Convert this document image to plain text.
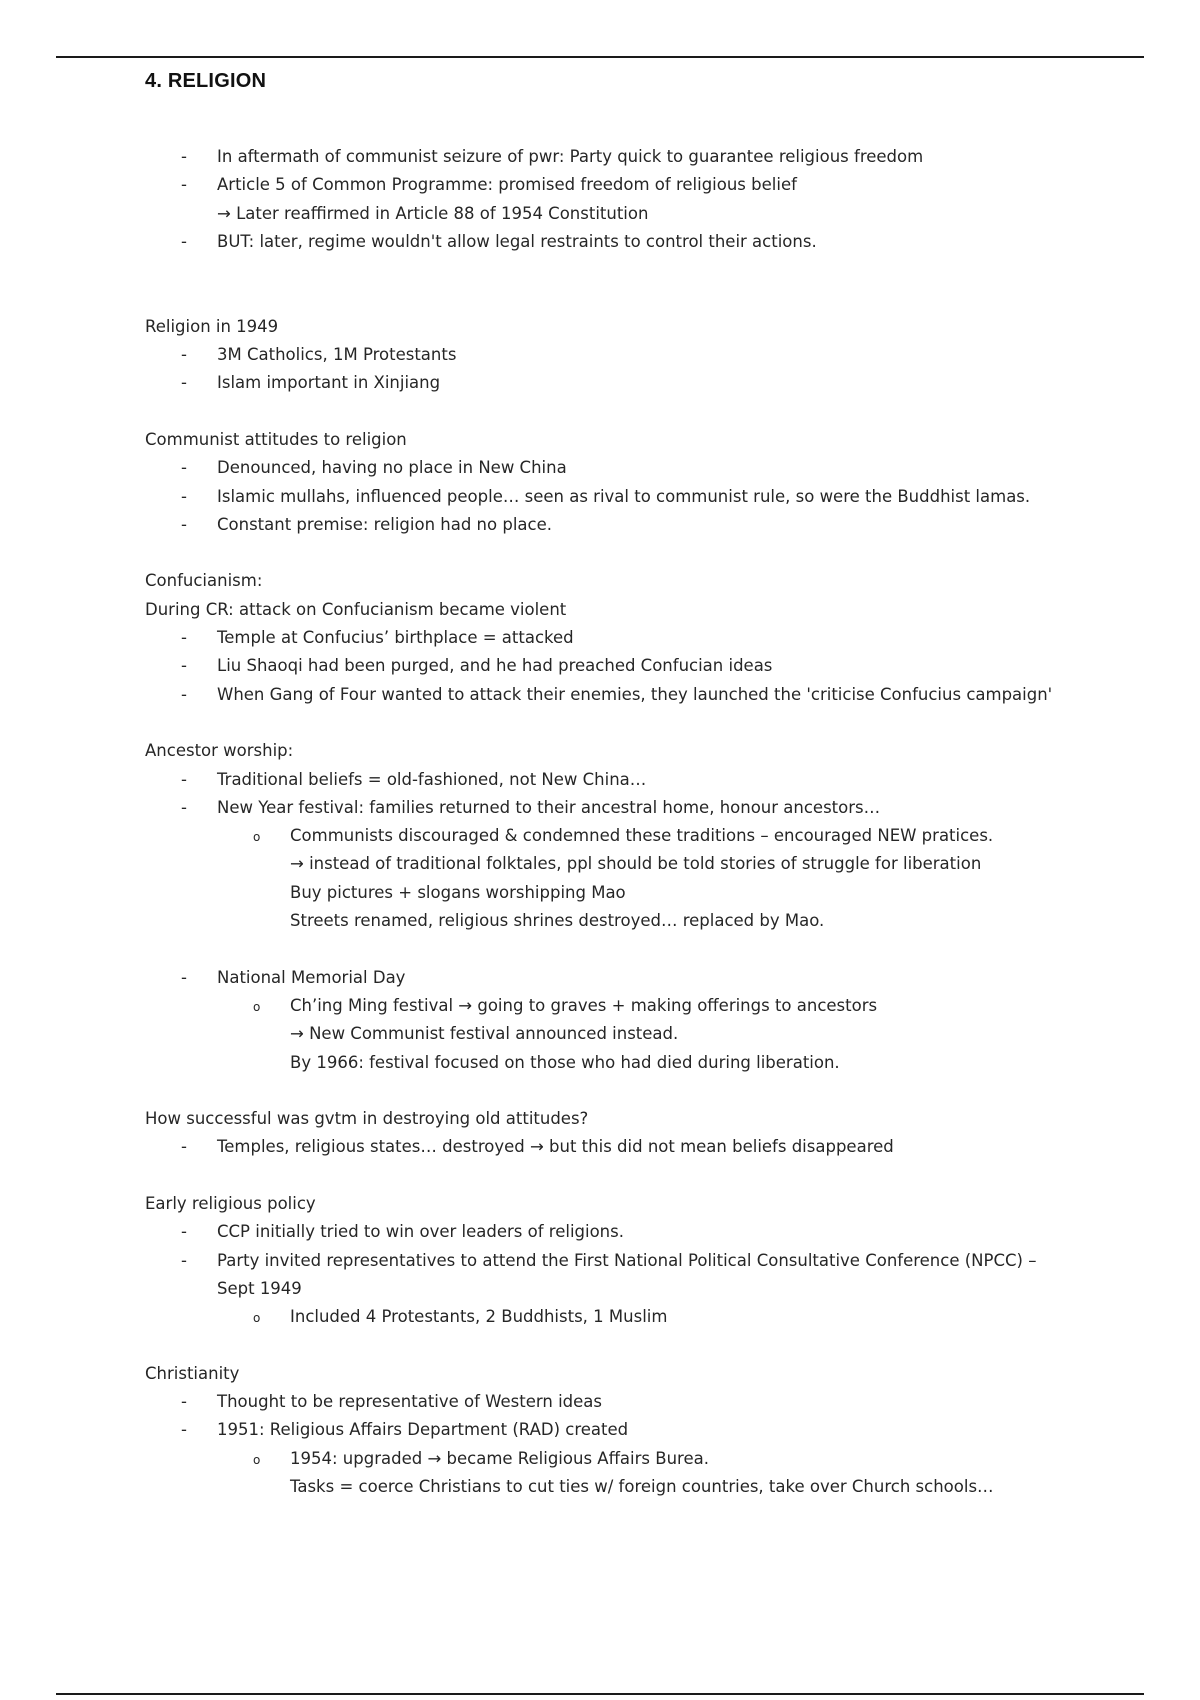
4. RELIGION
- In aftermath of communist seizure of pwr: Party quick to guarantee religious freedom
- Article 5 of Common Programme: promised freedom of religious belief
→ Later reaffirmed in Article 88 of 1954 Constitution
- BUT: later, regime wouldn't allow legal restraints to control their actions.
Religion in 1949
- 3M Catholics, 1M Protestants
- Islam important in Xinjiang
Communist attitudes to religion
- Denounced, having no place in New China
- Islamic mullahs, influenced people… seen as rival to communist rule, so were the Buddhist lamas.
- Constant premise: religion had no place.
Confucianism:
During CR: attack on Confucianism became violent
- Temple at Confucius’ birthplace = attacked
- Liu Shaoqi had been purged, and he had preached Confucian ideas
- When Gang of Four wanted to attack their enemies, they launched the 'criticise Confucius campaign'
Ancestor worship:
- Traditional beliefs = old-fashioned, not New China…
- New Year festival: families returned to their ancestral home, honour ancestors…
o Communists discouraged & condemned these traditions – encouraged NEW pratices.
→ instead of traditional folktales, ppl should be told stories of struggle for liberation
Buy pictures + slogans worshipping Mao
Streets renamed, religious shrines destroyed… replaced by Mao.
- National Memorial Day
o Ch’ing Ming festival → going to graves + making offerings to ancestors
→ New Communist festival announced instead.
By 1966: festival focused on those who had died during liberation.
How successful was gvtm in destroying old attitudes?
- Temples, religious states… destroyed → but this did not mean beliefs disappeared
Early religious policy
- CCP initially tried to win over leaders of religions.
- Party invited representatives to attend the First National Political Consultative Conference (NPCC) –
Sept 1949
o Included 4 Protestants, 2 Buddhists, 1 Muslim
Christianity
- Thought to be representative of Western ideas
- 1951: Religious Affairs Department (RAD) created
o 1954: upgraded → became Religious Affairs Burea.
Tasks = coerce Christians to cut ties w/ foreign countries, take over Church schools…
